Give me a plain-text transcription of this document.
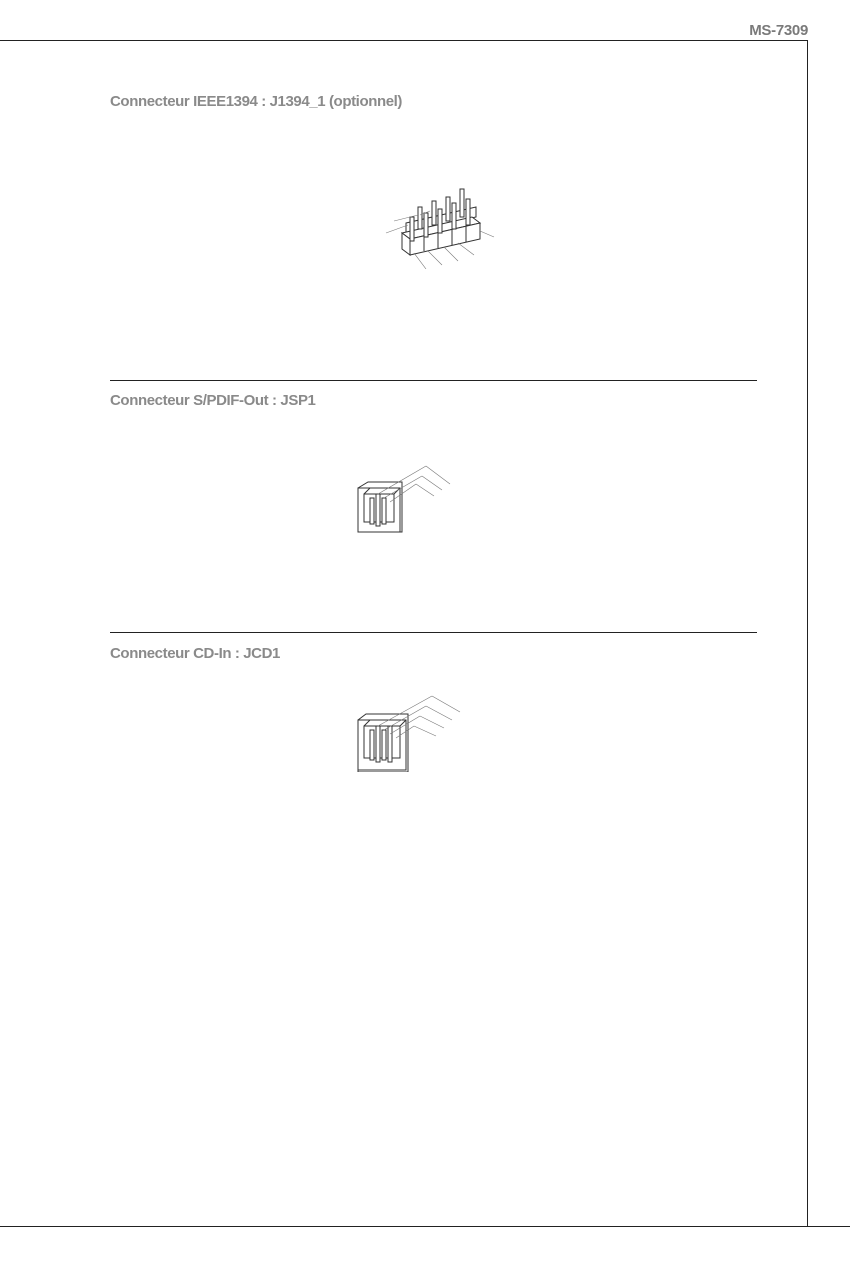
MS-7309
Connecteur IEEE1394 : J1394_1 (optionnel)
Connecteur S/PDIF-Out : JSP1
Connecteur CD-In : JCD1
